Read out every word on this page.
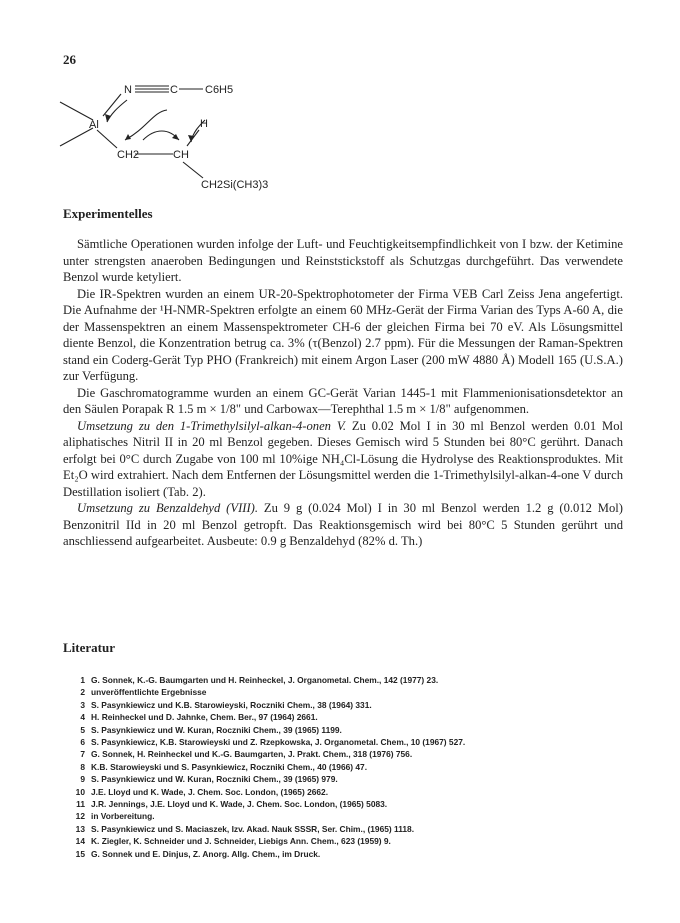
26
N	C C6H5
Al	H
CH2	CH
CH2Si(CH3)3
Experimentelles

Sämtliche Operationen wurden infolge der Luft- und Feuchtigkeitsempfindlichkeit von I bzw. der Ketimine unter strengsten anaeroben Bedingungen und Reinststickstoff als Schutzgas durchgeführt. Das verwendete Benzol wurde ketyliert.

Die IR-Spektren wurden an einem UR-20-Spektrophotometer der Firma VEB Carl Zeiss Jena angefertigt. Die Aufnahme der ¹H-NMR-Spektren erfolgte an einem 60 MHz-Gerät der Firma Varian des Typs A-60 A, die der Massenspektren an einem Massenspektrometer CH-6 der gleichen Firma bei 70 eV. Als Lösungsmittel diente Benzol, die Konzentration betrug ca. 3% (τ(Benzol) 2.7 ppm). Für die Messungen der Raman-Spektren stand ein Coderg-Gerät Typ PHO (Frankreich) mit einem Argon Laser (200 mW 4880 Å) Modell 165 (U.S.A.) zur Verfügung.

Die Gaschromatogramme wurden an einem GC-Gerät Varian 1445-1 mit Flammenionisationsdetektor an den Säulen Porapak R 1.5 m × 1/8" und Carbowax—Terephthal 1.5 m × 1/8" aufgenommen.

Umsetzung zu den 1-Trimethylsilyl-alkan-4-onen V. Zu 0.02 Mol I in 30 ml Benzol werden 0.01 Mol aliphatisches Nitril II in 20 ml Benzol gegeben. Dieses Gemisch wird 5 Stunden bei 80°C gerührt. Danach erfolgt bei 0°C durch Zugabe von 100 ml 10%ige NH₄Cl-Lösung die Hydrolyse des Reaktionsproduktes. Mit Et₂O wird extrahiert. Nach dem Entfernen der Lösungsmittel werden die 1-Trimethylsilyl-alkan-4-one V durch Destillation isoliert (Tab. 2).

Umsetzung zu Benzaldehyd (VIII). Zu 9 g (0.024 Mol) I in 30 ml Benzol werden 1.2 g (0.012 Mol) Benzonitril IId in 20 ml Benzol getropft. Das Reaktionsgemisch wird bei 80°C 5 Stunden gerührt und anschliessend aufgearbeitet. Ausbeute: 0.9 g Benzaldehyd (82% d. Th.)

Literatur
1 G. Sonnek, K.-G. Baumgarten und H. Reinheckel, J. Organometal. Chem., 142 (1977) 23.
2 unveröffentlichte Ergebnisse
3 S. Pasynkiewicz und K.B. Starowieyski, Roczniki Chem., 38 (1964) 331.
4 H. Reinheckel und D. Jahnke, Chem. Ber., 97 (1964) 2661.
5 S. Pasynkiewicz und W. Kuran, Roczniki Chem., 39 (1965) 1199.
6 S. Pasynkiewicz, K.B. Starowieyski und Z. Rzepkowska, J. Organometal. Chem., 10 (1967) 527.
7 G. Sonnek, H. Reinheckel und K.-G. Baumgarten, J. Prakt. Chem., 318 (1976) 756.
8 K.B. Starowieyski und S. Pasynkiewicz, Roczniki Chem., 40 (1966) 47.
9 S. Pasynkiewicz und W. Kuran, Roczniki Chem., 39 (1965) 979.
10 J.E. Lloyd und K. Wade, J. Chem. Soc. London, (1965) 2662.
11 J.R. Jennings, J.E. Lloyd und K. Wade, J. Chem. Soc. London, (1965) 5083.
12 in Vorbereitung.
13 S. Pasynkiewicz und S. Maciaszek, Izv. Akad. Nauk SSSR, Ser. Chim., (1965) 1118.
14 K. Ziegler, K. Schneider und J. Schneider, Liebigs Ann. Chem., 623 (1959) 9.
15 G. Sonnek und E. Dinjus, Z. Anorg. Allg. Chem., im Druck.
